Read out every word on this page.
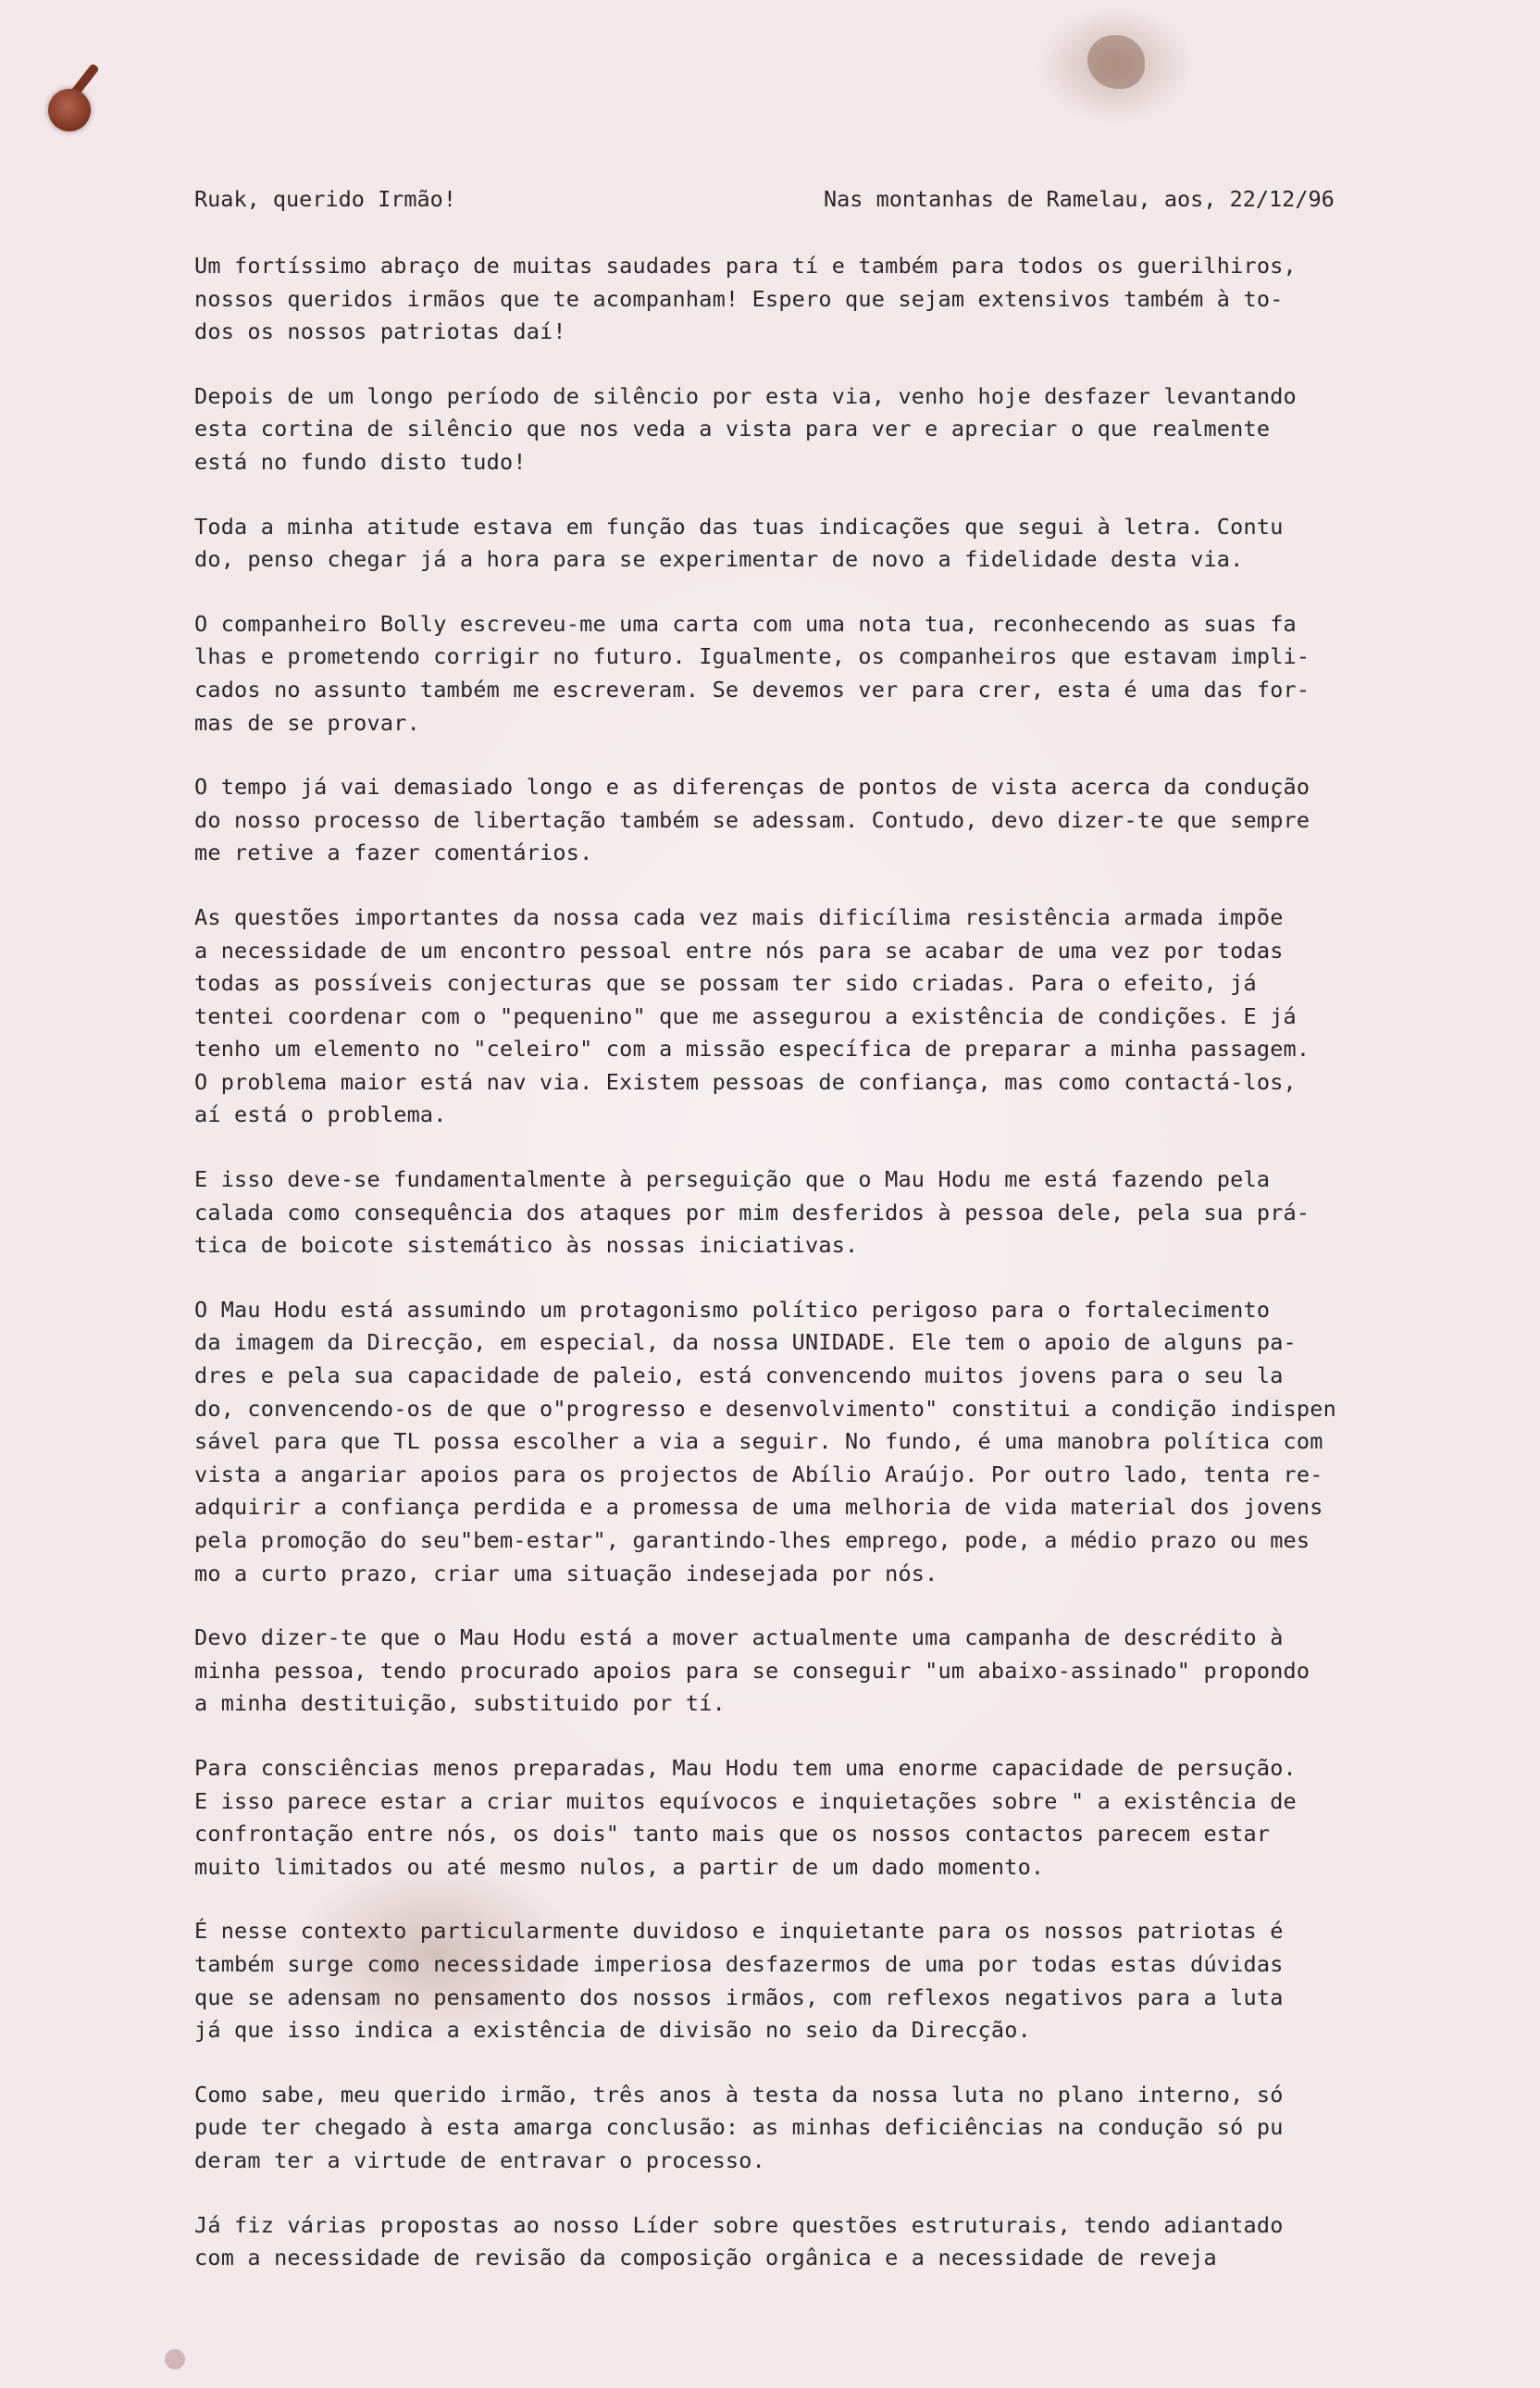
Ruak, querido Irmão!	Nas montanhas de Ramelau, aos, 22/12/96
Um fortíssimo abraço de muitas saudades para tí e também para todos os guerilhiros,
nossos queridos irmãos que te acompanham! Espero que sejam extensivos também à to-
dos os nossos patriotas daí!
Depois de um longo período de silêncio por esta via, venho hoje desfazer levantando
esta cortina de silêncio que nos veda a vista para ver e apreciar o que realmente
está no fundo disto tudo!
Toda a minha atitude estava em função das tuas indicações que segui à letra. Contu
do, penso chegar já a hora para se experimentar de novo a fidelidade desta via.
O companheiro Bolly escreveu-me uma carta com uma nota tua, reconhecendo as suas fa
lhas e prometendo corrigir no futuro. Igualmente, os companheiros que estavam impli-
cados no assunto também me escreveram. Se devemos ver para crer, esta é uma das for-
mas de se provar.
O tempo já vai demasiado longo e as diferenças de pontos de vista acerca da condução
do nosso processo de libertação também se adessam. Contudo, devo dizer-te que sempre
me retive a fazer comentários.
As questões importantes da nossa cada vez mais dificílima resistência armada impõe
a necessidade de um encontro pessoal entre nós para se acabar de uma vez por todas
todas as possíveis conjecturas que se possam ter sido criadas. Para o efeito, já
tentei coordenar com o "pequenino" que me assegurou a existência de condições. E já
tenho um elemento no "celeiro" com a missão específica de preparar a minha passagem.
O problema maior está nav via. Existem pessoas de confiança, mas como contactá-los,
aí está o problema.
E isso deve-se fundamentalmente à perseguição que o Mau Hodu me está fazendo pela
calada como consequência dos ataques por mim desferidos à pessoa dele, pela sua prá-
tica de boicote sistemático às nossas iniciativas.
O Mau Hodu está assumindo um protagonismo político perigoso para o fortalecimento
da imagem da Direcção, em especial, da nossa UNIDADE. Ele tem o apoio de alguns pa-
dres e pela sua capacidade de paleio, está convencendo muitos jovens para o seu la
do, convencendo-os de que o"progresso e desenvolvimento" constitui a condição indispen
sável para que TL possa escolher a via a seguir. No fundo, é uma manobra política com
vista a angariar apoios para os projectos de Abílio Araújo. Por outro lado, tenta re-
adquirir a confiança perdida e a promessa de uma melhoria de vida material dos jovens
pela promoção do seu"bem-estar", garantindo-lhes emprego, pode, a médio prazo ou mes
mo a curto prazo, criar uma situação indesejada por nós.
Devo dizer-te que o Mau Hodu está a mover actualmente uma campanha de descrédito à
minha pessoa, tendo procurado apoios para se conseguir "um abaixo-assinado" propondo
a minha destituição, substituido por tí.
Para consciências menos preparadas, Mau Hodu tem uma enorme capacidade de persução.
E isso parece estar a criar muitos equívocos e inquietações sobre " a existência de
confrontação entre nós, os dois" tanto mais que os nossos contactos parecem estar
muito limitados ou até mesmo nulos, a partir de um dado momento.
É nesse contexto particularmente duvidoso e inquietante para os nossos patriotas é
também surge como necessidade imperiosa desfazermos de uma por todas estas dúvidas
que se adensam no pensamento dos nossos irmãos, com reflexos negativos para a luta
já que isso indica a existência de divisão no seio da Direcção.
Como sabe, meu querido irmão, três anos à testa da nossa luta no plano interno, só
pude ter chegado à esta amarga conclusão: as minhas deficiências na condução só pu
deram ter a virtude de entravar o processo.
Já fiz várias propostas ao nosso Líder sobre questões estruturais, tendo adiantado
com a necessidade de revisão da composição orgânica e a necessidade de reveja
